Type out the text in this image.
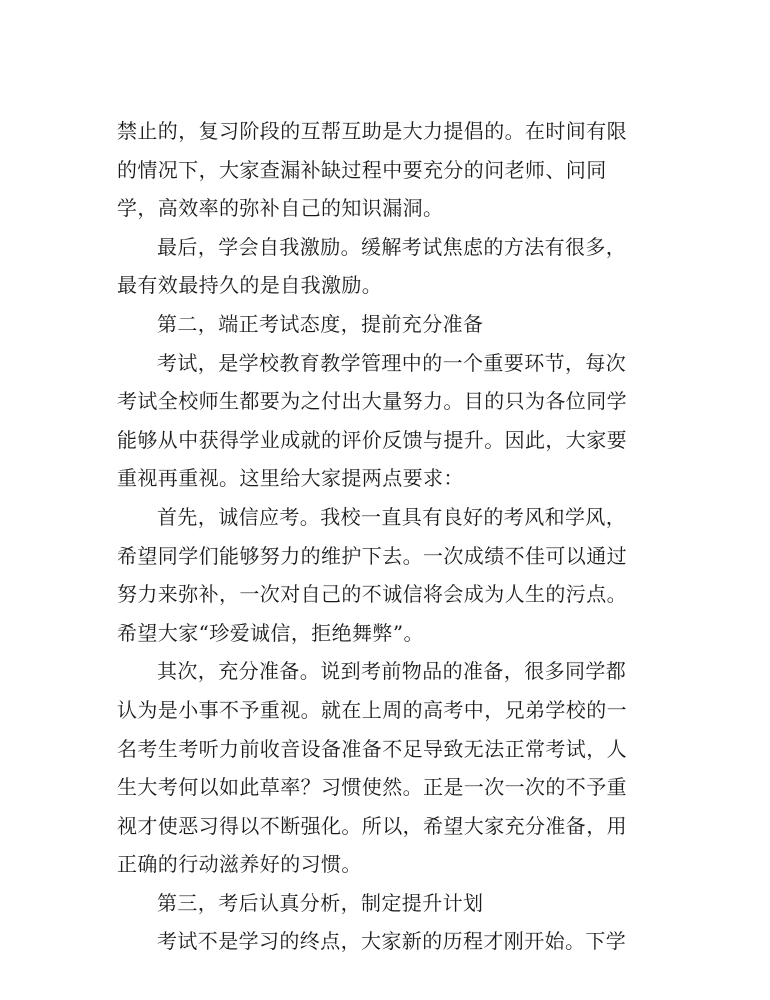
禁止的，复习阶段的互帮互助是大力提倡的。在时间有限
的情况下，大家查漏补缺过程中要充分的问老师、问同
学，高效率的弥补自己的知识漏洞。
最后，学会自我激励。缓解考试焦虑的方法有很多，
最有效最持久的是自我激励。
第二，端正考试态度，提前充分准备
考试，是学校教育教学管理中的一个重要环节，每次
考试全校师生都要为之付出大量努力。目的只为各位同学
能够从中获得学业成就的评价反馈与提升。因此，大家要
重视再重视。这里给大家提两点要求：
首先，诚信应考。我校一直具有良好的考风和学风，
希望同学们能够努力的维护下去。一次成绩不佳可以通过
努力来弥补，一次对自己的不诚信将会成为人生的污点。
希望大家“珍爱诚信，拒绝舞弊”。
其次，充分准备。说到考前物品的准备，很多同学都
认为是小事不予重视。就在上周的高考中，兄弟学校的一
名考生考听力前收音设备准备不足导致无法正常考试，人
生大考何以如此草率？习惯使然。正是一次一次的不予重
视才使恶习得以不断强化。所以，希望大家充分准备，用
正确的行动滋养好的习惯。
第三，考后认真分析，制定提升计划
考试不是学习的终点，大家新的历程才刚开始。下学
